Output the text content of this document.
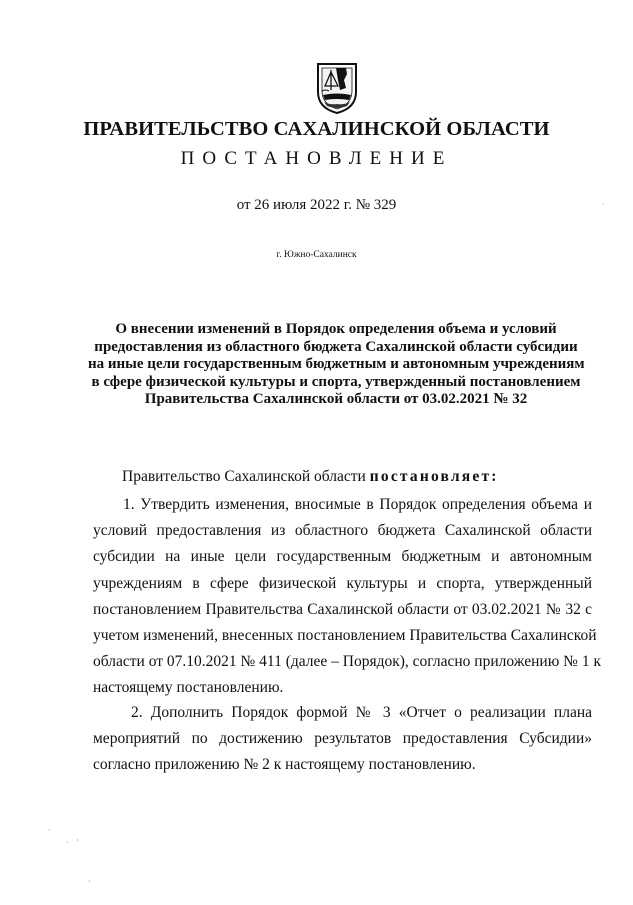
ПРАВИТЕЛЬСТВО САХАЛИНСКОЙ ОБЛАСТИ
ПОСТАНОВЛЕНИЕ
от 26 июля 2022 г. № 329
г. Южно-Сахалинск
О внесении изменений в Порядок определения объема и условий
предоставления из областного бюджета Сахалинской области субсидии
на иные цели государственным бюджетным и автономным учреждениям
в сфере физической культуры и спорта, утвержденный постановлением
Правительства Сахалинской области от 03.02.2021 № 32
Правительство Сахалинской области постановляет:
1. Утвердить изменения, вносимые в Порядок определения объема и
условий предоставления из областного бюджета Сахалинской области
субсидии на иные цели государственным бюджетным и автономным
учреждениям в сфере физической культуры и спорта, утвержденный
постановлением Правительства Сахалинской области от 03.02.2021 № 32 с
учетом изменений, внесенных постановлением Правительства Сахалинской
области от 07.10.2021 № 411 (далее – Порядок), согласно приложению № 1 к
настоящему постановлению.
2. Дополнить Порядок формой № 3 «Отчет о реализации плана
мероприятий по достижению результатов предоставления Субсидии»
согласно приложению № 2 к настоящему постановлению.
·
· ·
·
·
